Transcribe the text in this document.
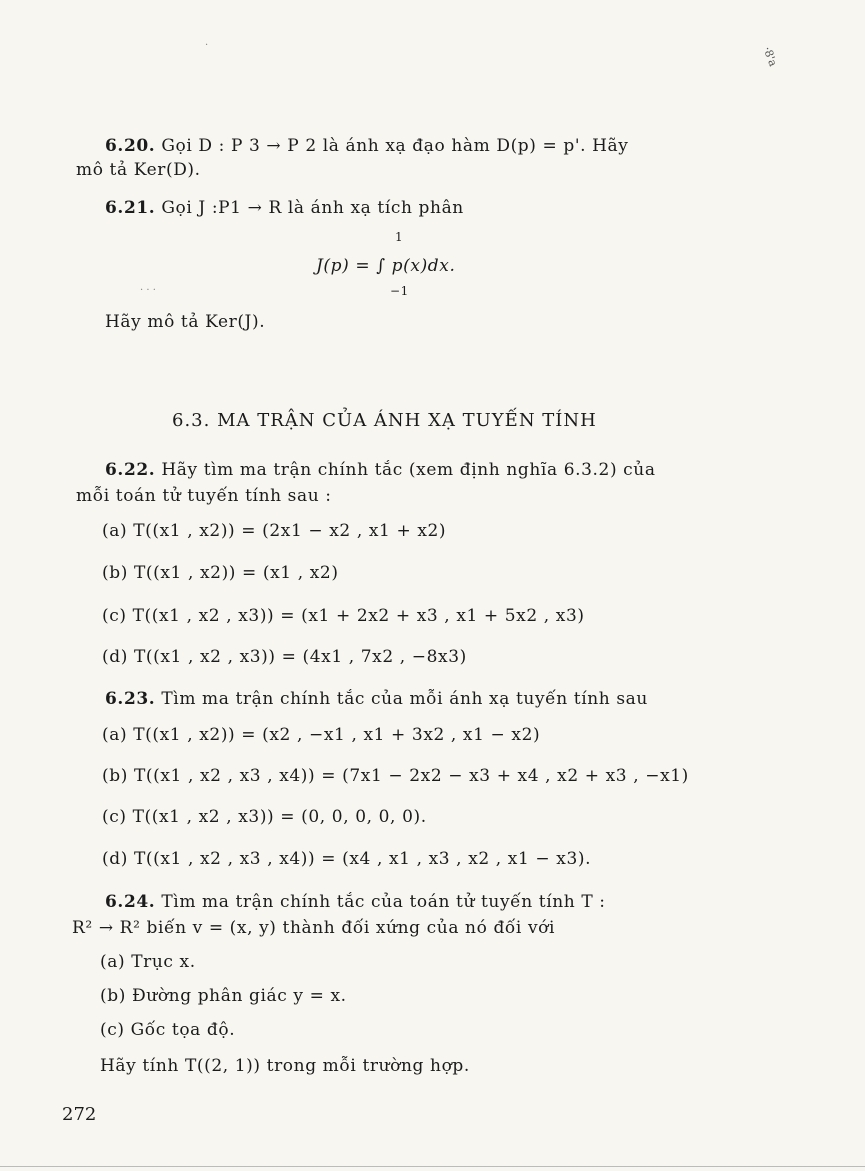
·8'a
·
· · ·
6.20. Gọi D : P 3 → P 2 là ánh xạ đạo hàm D(p) = p'. Hãy
mô tả Ker(D).
6.21. Gọi J :P1 → R là ánh xạ tích phân
1
J(p) = ∫ p(x)dx.
−1
Hãy mô tả Ker(J).
6.3. MA TRẬN CỦA ÁNH XẠ TUYẾN TÍNH
6.22. Hãy tìm ma trận chính tắc (xem định nghĩa 6.3.2) của
mỗi toán tử tuyến tính sau :
(a) T((x1 , x2)) = (2x1 − x2 , x1 + x2)
(b) T((x1 , x2)) = (x1 , x2)
(c) T((x1 , x2 , x3)) = (x1 + 2x2 + x3 , x1 + 5x2 , x3)
(d) T((x1 , x2 , x3)) = (4x1 , 7x2 , −8x3)
6.23. Tìm ma trận chính tắc của mỗi ánh xạ tuyến tính sau
(a) T((x1 , x2)) = (x2 , −x1 , x1 + 3x2 , x1 − x2)
(b) T((x1 , x2 , x3 , x4)) = (7x1 − 2x2 − x3 + x4 , x2 + x3 , −x1)
(c) T((x1 , x2 , x3)) = (0, 0, 0, 0, 0).
(d) T((x1 , x2 , x3 , x4)) = (x4 , x1 , x3 , x2 , x1 − x3).
6.24. Tìm ma trận chính tắc của toán tử tuyến tính T :
R² → R² biến v = (x, y) thành đối xứng của nó đối với
(a) Trục x.
(b) Đường phân giác y = x.
(c) Gốc tọa độ.
Hãy tính T((2, 1)) trong mỗi trường hợp.
272
